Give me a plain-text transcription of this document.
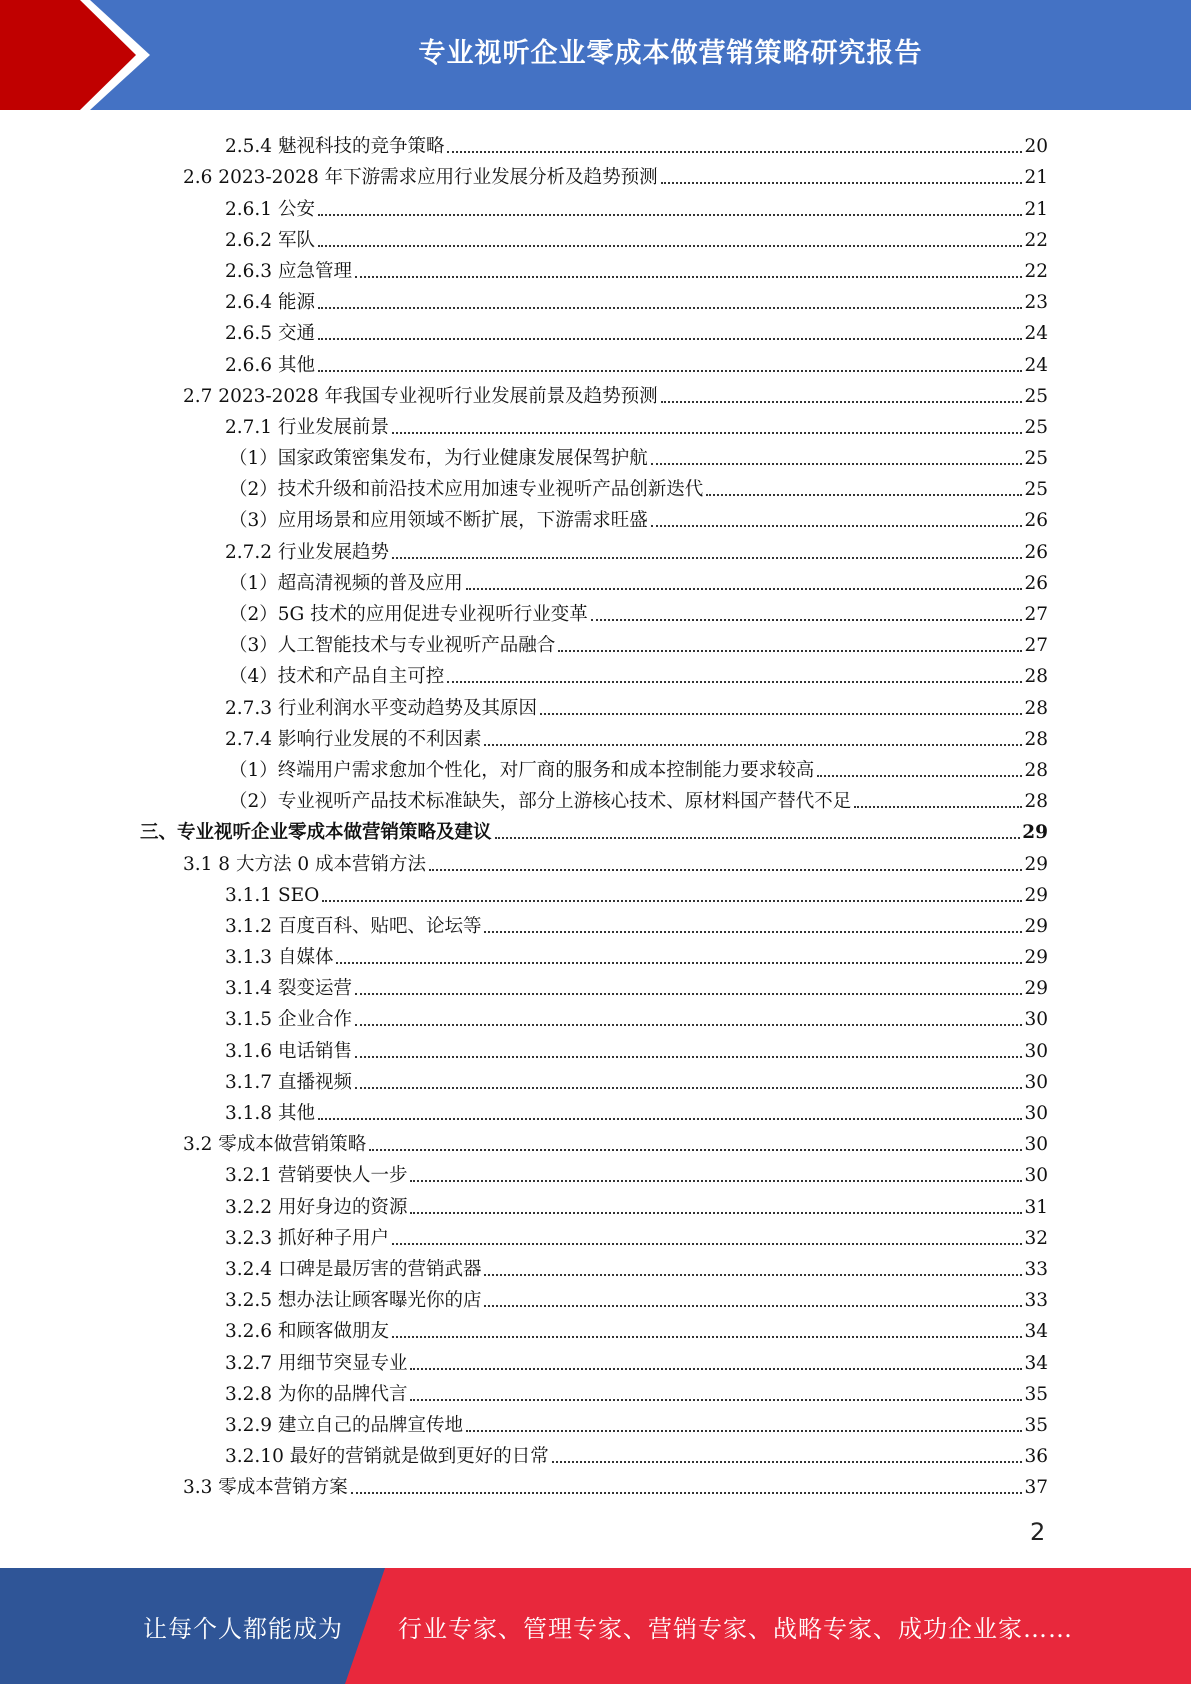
专业视听企业零成本做营销策略研究报告
2.5.4 魅视科技的竞争策略	20
2.6 2023-2028 年下游需求应用行业发展分析及趋势预测	21
2.6.1 公安	21
2.6.2 军队	22
2.6.3 应急管理	22
2.6.4 能源	23
2.6.5 交通	24
2.6.6 其他	24
2.7 2023-2028 年我国专业视听行业发展前景及趋势预测	25
2.7.1 行业发展前景	25
（1）国家政策密集发布，为行业健康发展保驾护航	25
（2）技术升级和前沿技术应用加速专业视听产品创新迭代	25
（3）应用场景和应用领域不断扩展，下游需求旺盛	26
2.7.2 行业发展趋势	26
（1）超高清视频的普及应用	26
（2）5G 技术的应用促进专业视听行业变革	27
（3）人工智能技术与专业视听产品融合	27
（4）技术和产品自主可控	28
2.7.3 行业利润水平变动趋势及其原因	28
2.7.4 影响行业发展的不利因素	28
（1）终端用户需求愈加个性化，对厂商的服务和成本控制能力要求较高	28
（2）专业视听产品技术标准缺失，部分上游核心技术、原材料国产替代不足	28
三、专业视听企业零成本做营销策略及建议	29
3.1 8 大方法 0 成本营销方法	29
3.1.1 SEO	29
3.1.2 百度百科、贴吧、论坛等	29
3.1.3 自媒体	29
3.1.4 裂变运营	29
3.1.5 企业合作	30
3.1.6 电话销售	30
3.1.7 直播视频	30
3.1.8 其他	30
3.2 零成本做营销策略	30
3.2.1 营销要快人一步	30
3.2.2 用好身边的资源	31
3.2.3 抓好种子用户	32
3.2.4 口碑是最厉害的营销武器	33
3.2.5 想办法让顾客曝光你的店	33
3.2.6 和顾客做朋友	34
3.2.7 用细节突显专业	34
3.2.8 为你的品牌代言	35
3.2.9 建立自己的品牌宣传地	35
3.2.10 最好的营销就是做到更好的日常	36
3.3 零成本营销方案	37
2
让每个人都能成为 行业专家、管理专家、营销专家、战略专家、成功企业家……
